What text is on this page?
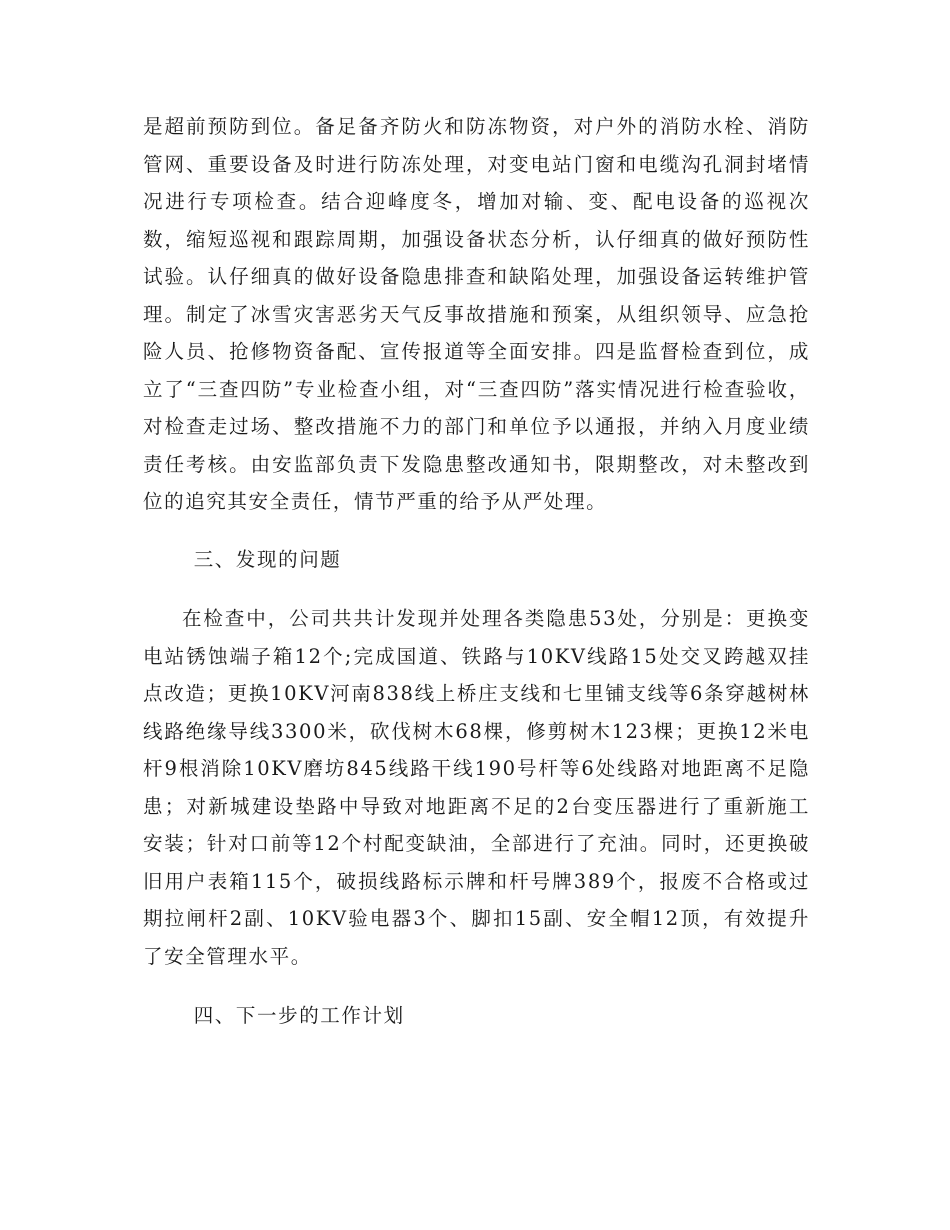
是超前预防到位。备足备齐防火和防冻物资，对户外的消防水栓、消防管网、重要设备及时进行防冻处理，对变电站门窗和电缆沟孔洞封堵情况进行专项检查。结合迎峰度冬，增加对输、变、配电设备的巡视次数，缩短巡视和跟踪周期，加强设备状态分析，认仔细真的做好预防性试验。认仔细真的做好设备隐患排查和缺陷处理，加强设备运转维护管理。制定了冰雪灾害恶劣天气反事故措施和预案，从组织领导、应急抢险人员、抢修物资备配、宣传报道等全面安排。四是监督检查到位，成立了“三查四防”专业检查小组，对“三查四防”落实情况进行检查验收，对检查走过场、整改措施不力的部门和单位予以通报，并纳入月度业绩责任考核。由安监部负责下发隐患整改通知书，限期整改，对未整改到位的追究其安全责任，情节严重的给予从严处理。

三、发现的问题

在检查中，公司共共计发现并处理各类隐患53处，分别是：更换变电站锈蚀端子箱12个;完成国道、铁路与10KV线路15处交叉跨越双挂点改造；更换10KV河南838线上桥庄支线和七里铺支线等6条穿越树林线路绝缘导线3300米，砍伐树木68棵，修剪树木123棵；更换12米电杆9根消除10KV磨坊845线路干线190号杆等6处线路对地距离不足隐患；对新城建设垫路中导致对地距离不足的2台变压器进行了重新施工安装；针对口前等12个村配变缺油，全部进行了充油。同时，还更换破旧用户表箱115个，破损线路标示牌和杆号牌389个，报废不合格或过期拉闸杆2副、10KV验电器3个、脚扣15副、安全帽12顶，有效提升了安全管理水平。

四、下一步的工作计划
